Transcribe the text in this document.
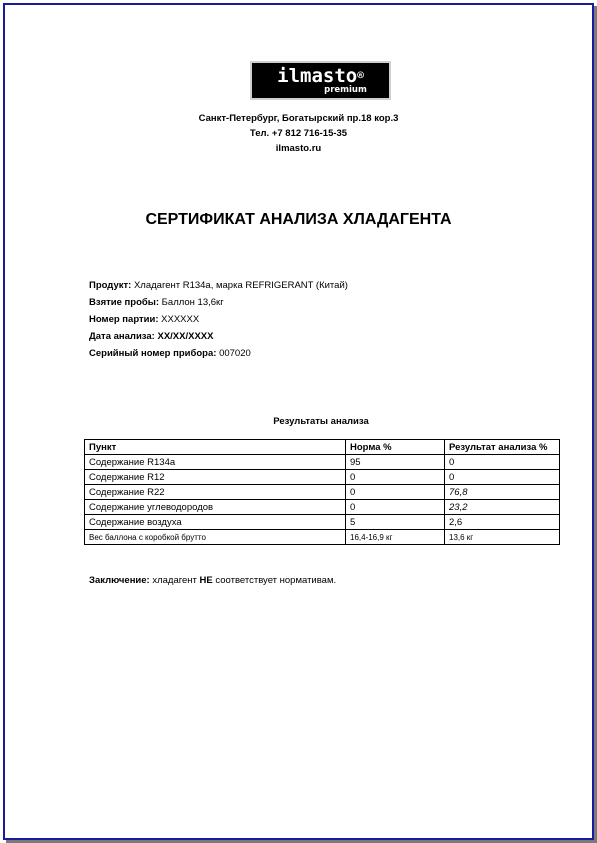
ilmasto®
premium
Санкт-Петербург, Богатырский пр.18 кор.3
Тел. +7 812 716-15-35
ilmasto.ru
СЕРТИФИКАТ АНАЛИЗА ХЛАДАГЕНТА
Продукт: Хладагент R134a, марка REFRIGERANT (Китай)
Взятие пробы: Баллон 13,6кг
Номер партии: XXXXXX
Дата анализа: XX/XX/XXXX
Серийный номер прибора: 007020
Результаты анализа
Пункт	Норма %	Результат анализа %
Содержание R134a	95	0
Содержание R12	0	0
Содержание R22	0	76,8
Содержание углеводородов	0	23,2
Содержание воздуха	5	2,6
Вес баллона с коробкой брутто	16,4-16,9 кг	13,6 кг
Заключение: хладагент НЕ соответствует нормативам.
